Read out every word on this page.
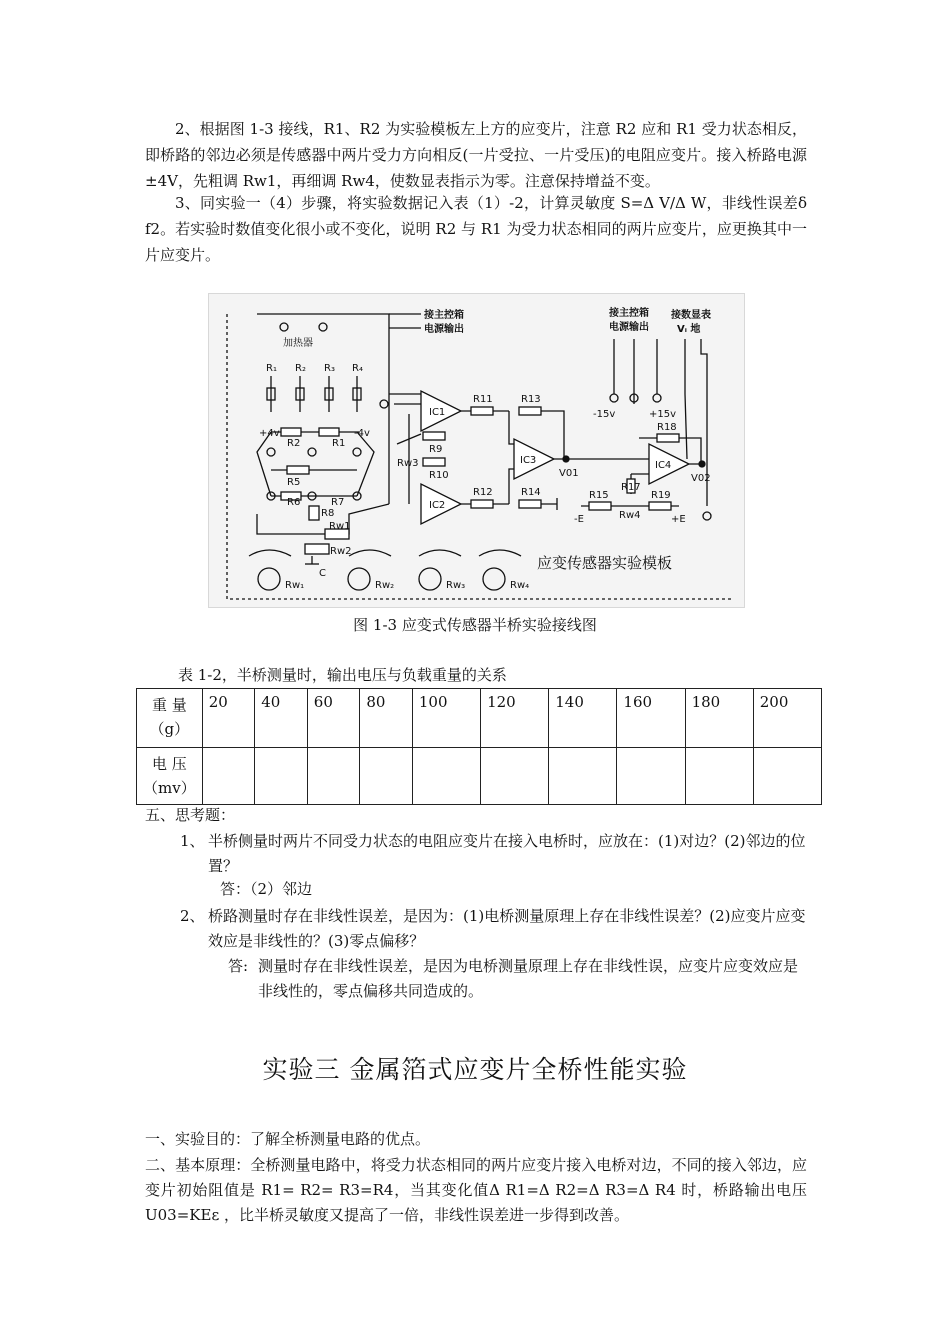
2、根据图 1-3 接线，R1、R2 为实验模板左上方的应变片，注意 R2 应和 R1 受力状态相反，即桥路的邻边必须是传感器中两片受力方向相反(一片受拉、一片受压)的电阻应变片。接入桥路电源±4V，先粗调 Rw1，再细调 Rw4，使数显表指示为零。注意保持增益不变。

3、同实验一（4）步骤，将实验数据记入表（1）-2，计算灵敏度 S=Δ V/Δ W，非线性误差δ f2。若实验时数值变化很小或不变化，说明 R2 与 R1 为受力状态相同的两片应变片，应更换其中一片应变片。

加热器
R₁ R₂ R₃ R₄
+4v	-4v
R2	R1
R5
R6	R7
R8
Rw1
Rw2
C
接主控箱
电源输出
IC1
R9
Rw3
R10
IC2
R11
R12
R13
R14
IC3
V01
IC4
R18
V02
R17
R15	R19
Rw4
-E	+E
接主控箱
电源输出
接数显表
Vᵢ 地
-15v	+15v
Rw₁	Rw₂	Rw₃	Rw₄
应变传感器实验模板
图 1-3 应变式传感器半桥实验接线图
表 1-2，半桥测量时，输出电压与负载重量的关系
重 量
（g）	20	40	60	80	100	120	140	160	180	200

电 压
（mv）										

五、思考题：
1、 半桥侧量时两片不同受力状态的电阻应变片在接入电桥时，应放在：(1)对边？(2)邻边的位置？
答：（2）邻边
2、 桥路测量时存在非线性误差，是因为：(1)电桥测量原理上存在非线性误差？(2)应变片应变效应是非线性的？(3)零点偏移？
答: 测量时存在非线性误差，是因为电桥测量原理上存在非线性误，应变片应变效应是非线性的，零点偏移共同造成的。
实验三 金属箔式应变片全桥性能实验
一、实验目的：了解全桥测量电路的优点。
二、基本原理：全桥测量电路中，将受力状态相同的两片应变片接入电桥对边，不同的接入邻边，应变片初始阻值是 R1= R2= R3=R4，当其变化值Δ R1=Δ R2=Δ R3=Δ R4 时，桥路输出电压 U03=KEε ，比半桥灵敏度又提高了一倍，非线性误差进一步得到改善。
